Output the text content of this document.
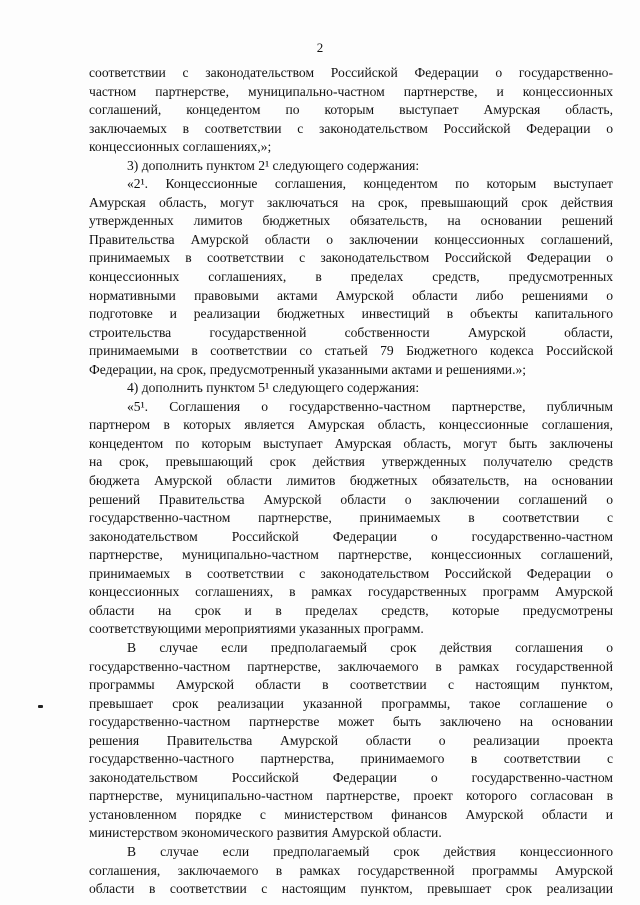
2
соответствии с законодательством Российской Федерации о государственно-
частном партнерстве, муниципально-частном партнерстве, и концессионных
соглашений, концедентом по которым выступает Амурская область,
заключаемых в соответствии с законодательством Российской Федерации о
концессионных соглашениях,»;
3) дополнить пунктом 2¹ следующего содержания:
«2¹. Концессионные соглашения, концедентом по которым выступает
Амурская область, могут заключаться на срок, превышающий срок действия
утвержденных лимитов бюджетных обязательств, на основании решений
Правительства Амурской области о заключении концессионных соглашений,
принимаемых в соответствии с законодательством Российской Федерации о
концессионных соглашениях, в пределах средств, предусмотренных
нормативными правовыми актами Амурской области либо решениями о
подготовке и реализации бюджетных инвестиций в объекты капитального
строительства государственной собственности Амурской области,
принимаемыми в соответствии со статьей 79 Бюджетного кодекса Российской
Федерации, на срок, предусмотренный указанными актами и решениями.»;
4) дополнить пунктом 5¹ следующего содержания:
«5¹. Соглашения о государственно-частном партнерстве, публичным
партнером в которых является Амурская область, концессионные соглашения,
концедентом по которым выступает Амурская область, могут быть заключены
на срок, превышающий срок действия утвержденных получателю средств
бюджета Амурской области лимитов бюджетных обязательств, на основании
решений Правительства Амурской области о заключении соглашений о
государственно-частном партнерстве, принимаемых в соответствии с
законодательством Российской Федерации о государственно-частном
партнерстве, муниципально-частном партнерстве, концессионных соглашений,
принимаемых в соответствии с законодательством Российской Федерации о
концессионных соглашениях, в рамках государственных программ Амурской
области на срок и в пределах средств, которые предусмотрены
соответствующими мероприятиями указанных программ.
В случае если предполагаемый срок действия соглашения о
государственно-частном партнерстве, заключаемого в рамках государственной
программы Амурской области в соответствии с настоящим пунктом,
превышает срок реализации указанной программы, такое соглашение о
государственно-частном партнерстве может быть заключено на основании
решения Правительства Амурской области о реализации проекта
государственно-частного партнерства, принимаемого в соответствии с
законодательством Российской Федерации о государственно-частном
партнерстве, муниципально-частном партнерстве, проект которого согласован в
установленном порядке с министерством финансов Амурской области и
министерством экономического развития Амурской области.
В случае если предполагаемый срок действия концессионного
соглашения, заключаемого в рамках государственной программы Амурской
области в соответствии с настоящим пунктом, превышает срок реализации
